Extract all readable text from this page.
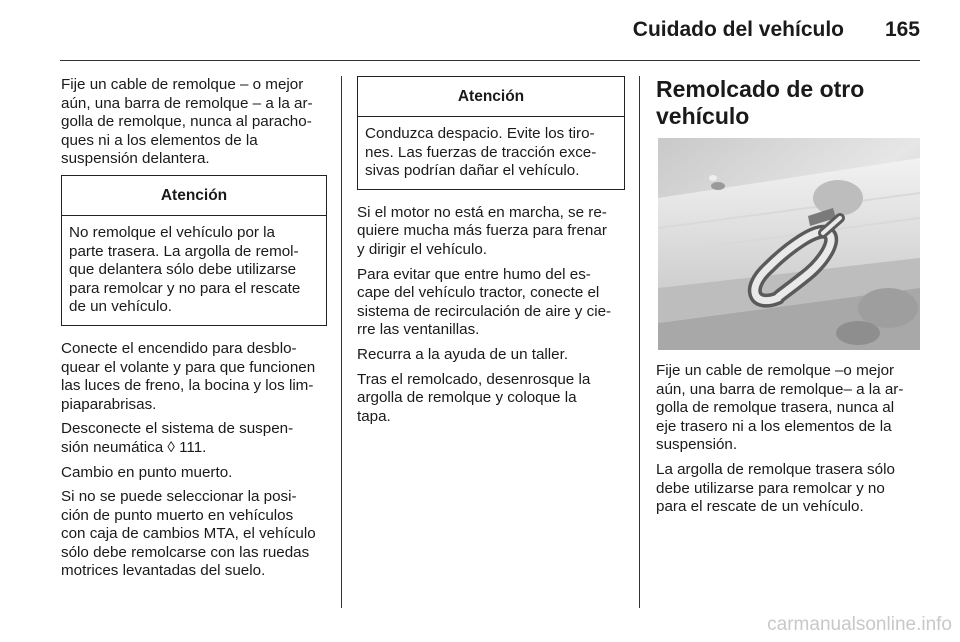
Cuidado del vehículo 165
Fije un cable de remolque – o mejor
aún, una barra de remolque – a la ar-
golla de remolque, nunca al paracho-
ques ni a los elementos de la
suspensión delantera.
Atención
No remolque el vehículo por la
parte trasera. La argolla de remol-
que delantera sólo debe utilizarse
para remolcar y no para el rescate
de un vehículo.
Conecte el encendido para desblo-
quear el volante y para que funcionen
las luces de freno, la bocina y los lim-
piaparabrisas.
Desconecte el sistema de suspen-
sión neumática ◊ 111.
Cambio en punto muerto.
Si no se puede seleccionar la posi-
ción de punto muerto en vehículos
con caja de cambios MTA, el vehículo
sólo debe remolcarse con las ruedas
motrices levantadas del suelo.
Atención
Conduzca despacio. Evite los tiro-
nes. Las fuerzas de tracción exce-
sivas podrían dañar el vehículo.
Si el motor no está en marcha, se re-
quiere mucha más fuerza para frenar
y dirigir el vehículo.
Para evitar que entre humo del es-
cape del vehículo tractor, conecte el
sistema de recirculación de aire y cie-
rre las ventanillas.
Recurra a la ayuda de un taller.
Tras el remolcado, desenrosque la
argolla de remolque y coloque la
tapa.
Remolcado de otro
vehículo
Fije un cable de remolque –o mejor
aún, una barra de remolque– a la ar-
golla de remolque trasera, nunca al
eje trasero ni a los elementos de la
suspensión.
La argolla de remolque trasera sólo
debe utilizarse para remolcar y no
para el rescate de un vehículo.
carmanualsonline.info
